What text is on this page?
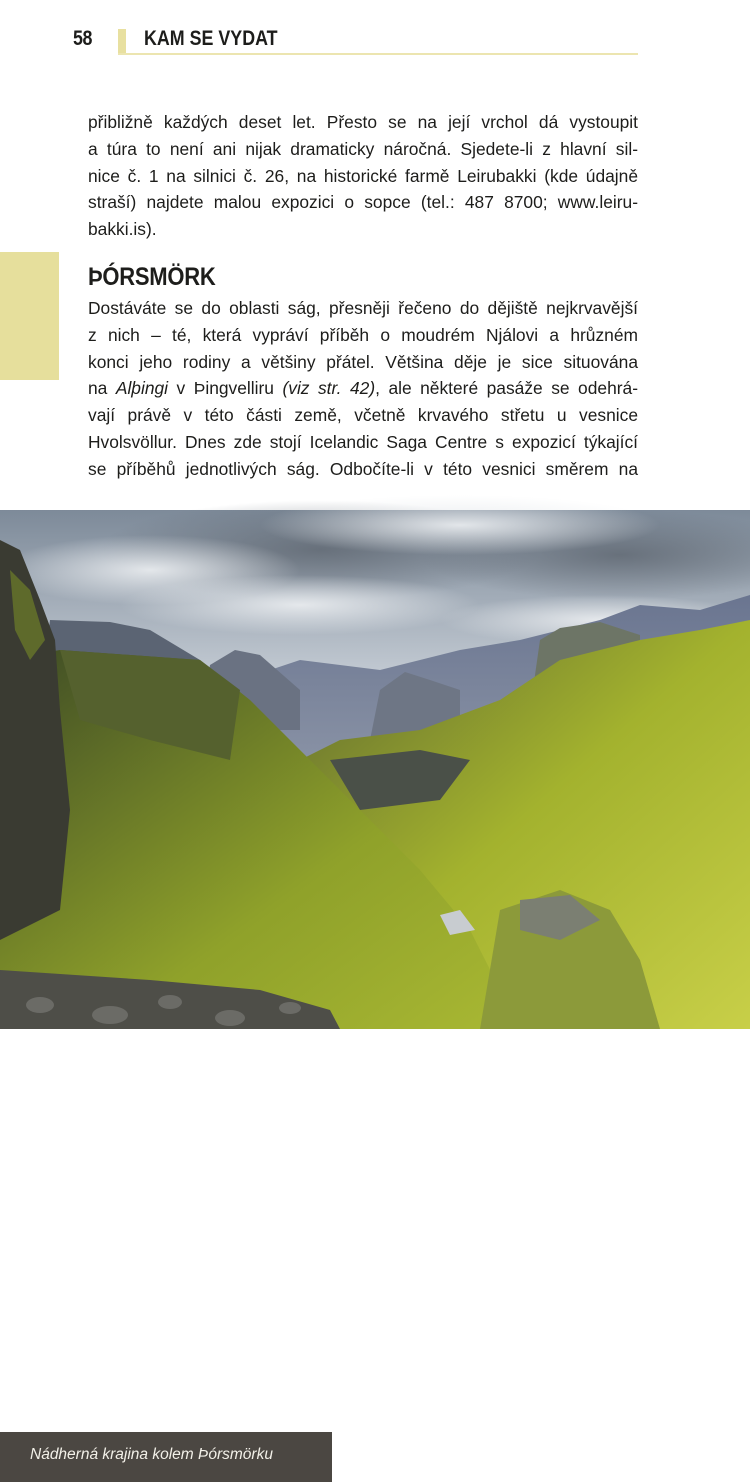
58 KAM SE VYDAT
přibližně každých deset let. Přesto se na její vrchol dá vystoupit
a túra to není ani nijak dramaticky náročná. Sjedete-li z hlavní sil-
nice č. 1 na silnici č. 26, na historické farmě Leirubakki (kde údajně
straší) najdete malou expozici o sopce (tel.: 487 8700; www.leiru-
bakki.is).
ÞÓRSMÖRK
Dostáváte se do oblasti ság, přesněji řečeno do dějiště nejkrvavější
z nich – té, která vypráví příběh o moudrém Njálovi a hrůzném
konci jeho rodiny a většiny přátel. Většina děje je sice situována
na Alþingi v Þingvelliru (viz str. 42), ale některé pasáže se odehrá-
vají právě v této části země, včetně krvavého střetu u vesnice
Hvolsvöllur. Dnes zde stojí Icelandic Saga Centre s expozicí týkající
se příběhů jednotlivých ság. Odbočíte-li v této vesnici směrem na
Nádherná krajina kolem Þórsmörku
